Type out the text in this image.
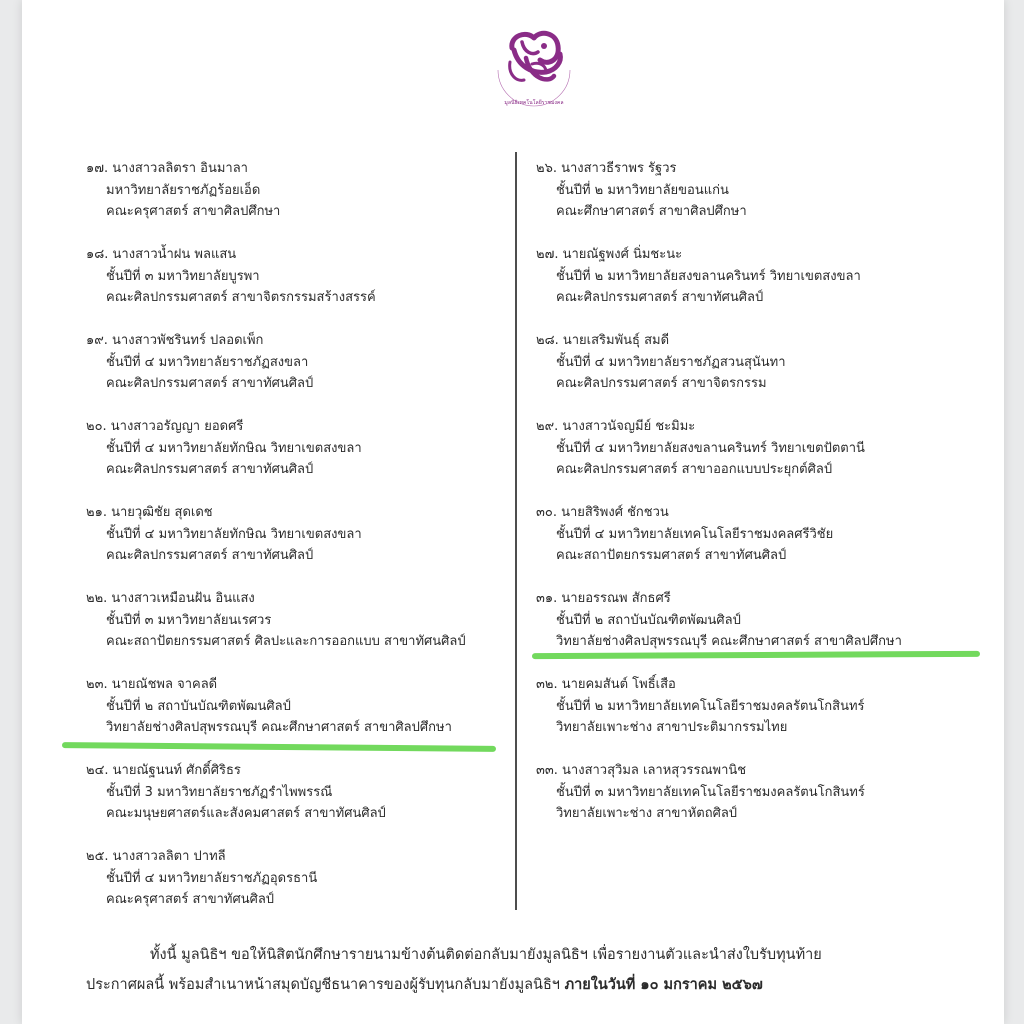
มูลนิธิเทคโนโลยีราชมงคล
๑๗. นางสาวลลิตรา อินมาลา
มหาวิทยาลัยราชภัฏร้อยเอ็ด
คณะครุศาสตร์ สาขาศิลปศึกษา
๑๘. นางสาวน้ำฝน พลแสน
ชั้นปีที่ ๓ มหาวิทยาลัยบูรพา
คณะศิลปกรรมศาสตร์ สาขาจิตรกรรมสร้างสรรค์
๑๙. นางสาวพัชรินทร์ ปลอดเพ็ก
ชั้นปีที่ ๔ มหาวิทยาลัยราชภัฏสงขลา
คณะศิลปกรรมศาสตร์ สาขาทัศนศิลป์
๒๐. นางสาวอรัญญา ยอดศรี
ชั้นปีที่ ๔ มหาวิทยาลัยทักษิณ วิทยาเขตสงขลา
คณะศิลปกรรมศาสตร์ สาขาทัศนศิลป์
๒๑. นายวุฒิชัย สุดเดช
ชั้นปีที่ ๔ มหาวิทยาลัยทักษิณ วิทยาเขตสงขลา
คณะศิลปกรรมศาสตร์ สาขาทัศนศิลป์
๒๒. นางสาวเหมือนฝัน อินแสง
ชั้นปีที่ ๓ มหาวิทยาลัยนเรศวร
คณะสถาปัตยกรรมศาสตร์ ศิลปะและการออกแบบ สาขาทัศนศิลป์
๒๓. นายณัชพล จาคลดี
ชั้นปีที่ ๒ สถาบันบัณฑิตพัฒนศิลป์
วิทยาลัยช่างศิลปสุพรรณบุรี คณะศึกษาศาสตร์ สาขาศิลปศึกษา
๒๔. นายณัฐนนท์ ศักดิ์ศิริธร
ชั้นปีที่ 3 มหาวิทยาลัยราชภัฏรำไพพรรณี
คณะมนุษยศาสตร์และสังคมศาสตร์ สาขาทัศนศิลป์
๒๕. นางสาวลลิตา ปาทลี
ชั้นปีที่ ๔ มหาวิทยาลัยราชภัฏอุดรธานี
คณะครุศาสตร์ สาขาทัศนศิลป์
๒๖. นางสาวธีราพร รัฐวร
ชั้นปีที่ ๒ มหาวิทยาลัยขอนแก่น
คณะศึกษาศาสตร์ สาขาศิลปศึกษา
๒๗. นายณัฐพงศ์ นิ่มชะนะ
ชั้นปีที่ ๒ มหาวิทยาลัยสงขลานครินทร์ วิทยาเขตสงขลา
คณะศิลปกรรมศาสตร์ สาขาทัศนศิลป์
๒๘. นายเสริมพันธุ์ สมดี
ชั้นปีที่ ๔ มหาวิทยาลัยราชภัฏสวนสุนันทา
คณะศิลปกรรมศาสตร์ สาขาจิตรกรรม
๒๙. นางสาวนัจญมีย์ ชะมิมะ
ชั้นปีที่ ๔ มหาวิทยาลัยสงขลานครินทร์ วิทยาเขตปัตตานี
คณะศิลปกรรมศาสตร์ สาขาออกแบบประยุกต์ศิลป์
๓๐. นายสิริพงศ์ ชักชวน
ชั้นปีที่ ๔ มหาวิทยาลัยเทคโนโลยีราชมงคลศรีวิชัย
คณะสถาปัตยกรรมศาสตร์ สาขาทัศนศิลป์
๓๑. นายอรรณพ สักธศรี
ชั้นปีที่ ๒ สถาบันบัณฑิตพัฒนศิลป์
วิทยาลัยช่างศิลปสุพรรณบุรี คณะศึกษาศาสตร์ สาขาศิลปศึกษา
๓๒. นายคมสันต์ โพธิ์เสือ
ชั้นปีที่ ๒ มหาวิทยาลัยเทคโนโลยีราชมงคลรัตนโกสินทร์
วิทยาลัยเพาะช่าง สาขาประติมากรรมไทย
๓๓. นางสาวสุวิมล เลาหสุวรรณพานิช
ชั้นปีที่ ๓ มหาวิทยาลัยเทคโนโลยีราชมงคลรัตนโกสินทร์
วิทยาลัยเพาะช่าง สาขาหัตถศิลป์
ทั้งนี้ มูลนิธิฯ ขอให้นิสิตนักศึกษารายนามข้างต้นติดต่อกลับมายังมูลนิธิฯ เพื่อรายงานตัวและนำส่งใบรับทุนท้าย
ประกาศผลนี้ พร้อมสำเนาหน้าสมุดบัญชีธนาคารของผู้รับทุนกลับมายังมูลนิธิฯ ภายในวันที่ ๑๐ มกราคม ๒๕๖๗
